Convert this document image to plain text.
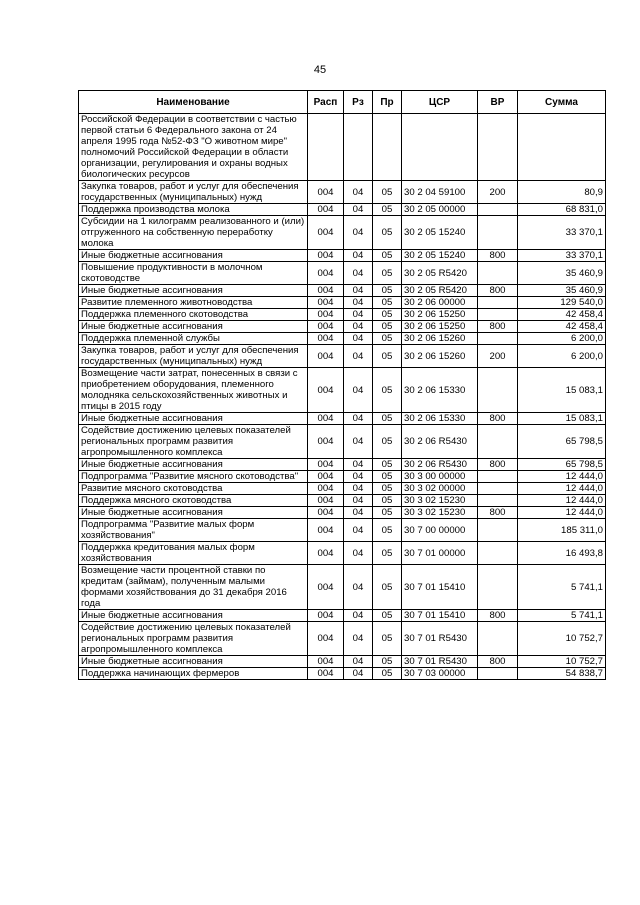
45
Наименование	Расп	Рз	Пр	ЦСР	ВР	Сумма
Российской Федерации в соответствии с частью первой статьи 6 Федерального закона от 24 апреля 1995 года №52-ФЗ "О животном мире" полномочий Российской Федерации в области организации, регулирования и охраны водных биологических ресурсов						
Закупка товаров, работ и услуг для обеспечения государственных (муниципальных) нужд	004	04	05	30 2 04 59100	200	80,9
Поддержка производства молока	004	04	05	30 2 05 00000		68 831,0
Субсидии на 1 килограмм реализованного и (или) отгруженного на собственную переработку молока	004	04	05	30 2 05 15240		33 370,1
Иные бюджетные ассигнования	004	04	05	30 2 05 15240	800	33 370,1
Повышение продуктивности в молочном скотоводстве	004	04	05	30 2 05 R5420		35 460,9
Иные бюджетные ассигнования	004	04	05	30 2 05 R5420	800	35 460,9
Развитие племенного животноводства	004	04	05	30 2 06 00000		129 540,0
Поддержка племенного скотоводства	004	04	05	30 2 06 15250		42 458,4
Иные бюджетные ассигнования	004	04	05	30 2 06 15250	800	42 458,4
Поддержка племенной службы	004	04	05	30 2 06 15260		6 200,0
Закупка товаров, работ и услуг для обеспечения государственных (муниципальных) нужд	004	04	05	30 2 06 15260	200	6 200,0
Возмещение части затрат, понесенных в связи с приобретением оборудования, племенного молодняка сельскохозяйственных животных и птицы в 2015 году	004	04	05	30 2 06 15330		15 083,1
Иные бюджетные ассигнования	004	04	05	30 2 06 15330	800	15 083,1
Содействие достижению целевых показателей региональных программ развития агропромышленного комплекса	004	04	05	30 2 06 R5430		65 798,5
Иные бюджетные ассигнования	004	04	05	30 2 06 R5430	800	65 798,5
Подпрограмма "Развитие мясного скотоводства"	004	04	05	30 3 00 00000		12 444,0
Развитие мясного скотоводства	004	04	05	30 3 02 00000		12 444,0
Поддержка мясного скотоводства	004	04	05	30 3 02 15230		12 444,0
Иные бюджетные ассигнования	004	04	05	30 3 02 15230	800	12 444,0
Подпрограмма "Развитие малых форм хозяйствования"	004	04	05	30 7 00 00000		185 311,0
Поддержка кредитования малых форм хозяйствования	004	04	05	30 7 01 00000		16 493,8
Возмещение части процентной ставки по кредитам (займам), полученным малыми формами хозяйствования до 31 декабря 2016 года	004	04	05	30 7 01 15410		5 741,1
Иные бюджетные ассигнования	004	04	05	30 7 01 15410	800	5 741,1
Содействие достижению целевых показателей региональных программ развития агропромышленного комплекса	004	04	05	30 7 01 R5430		10 752,7
Иные бюджетные ассигнования	004	04	05	30 7 01 R5430	800	10 752,7
Поддержка начинающих фермеров	004	04	05	30 7 03 00000		54 838,7
